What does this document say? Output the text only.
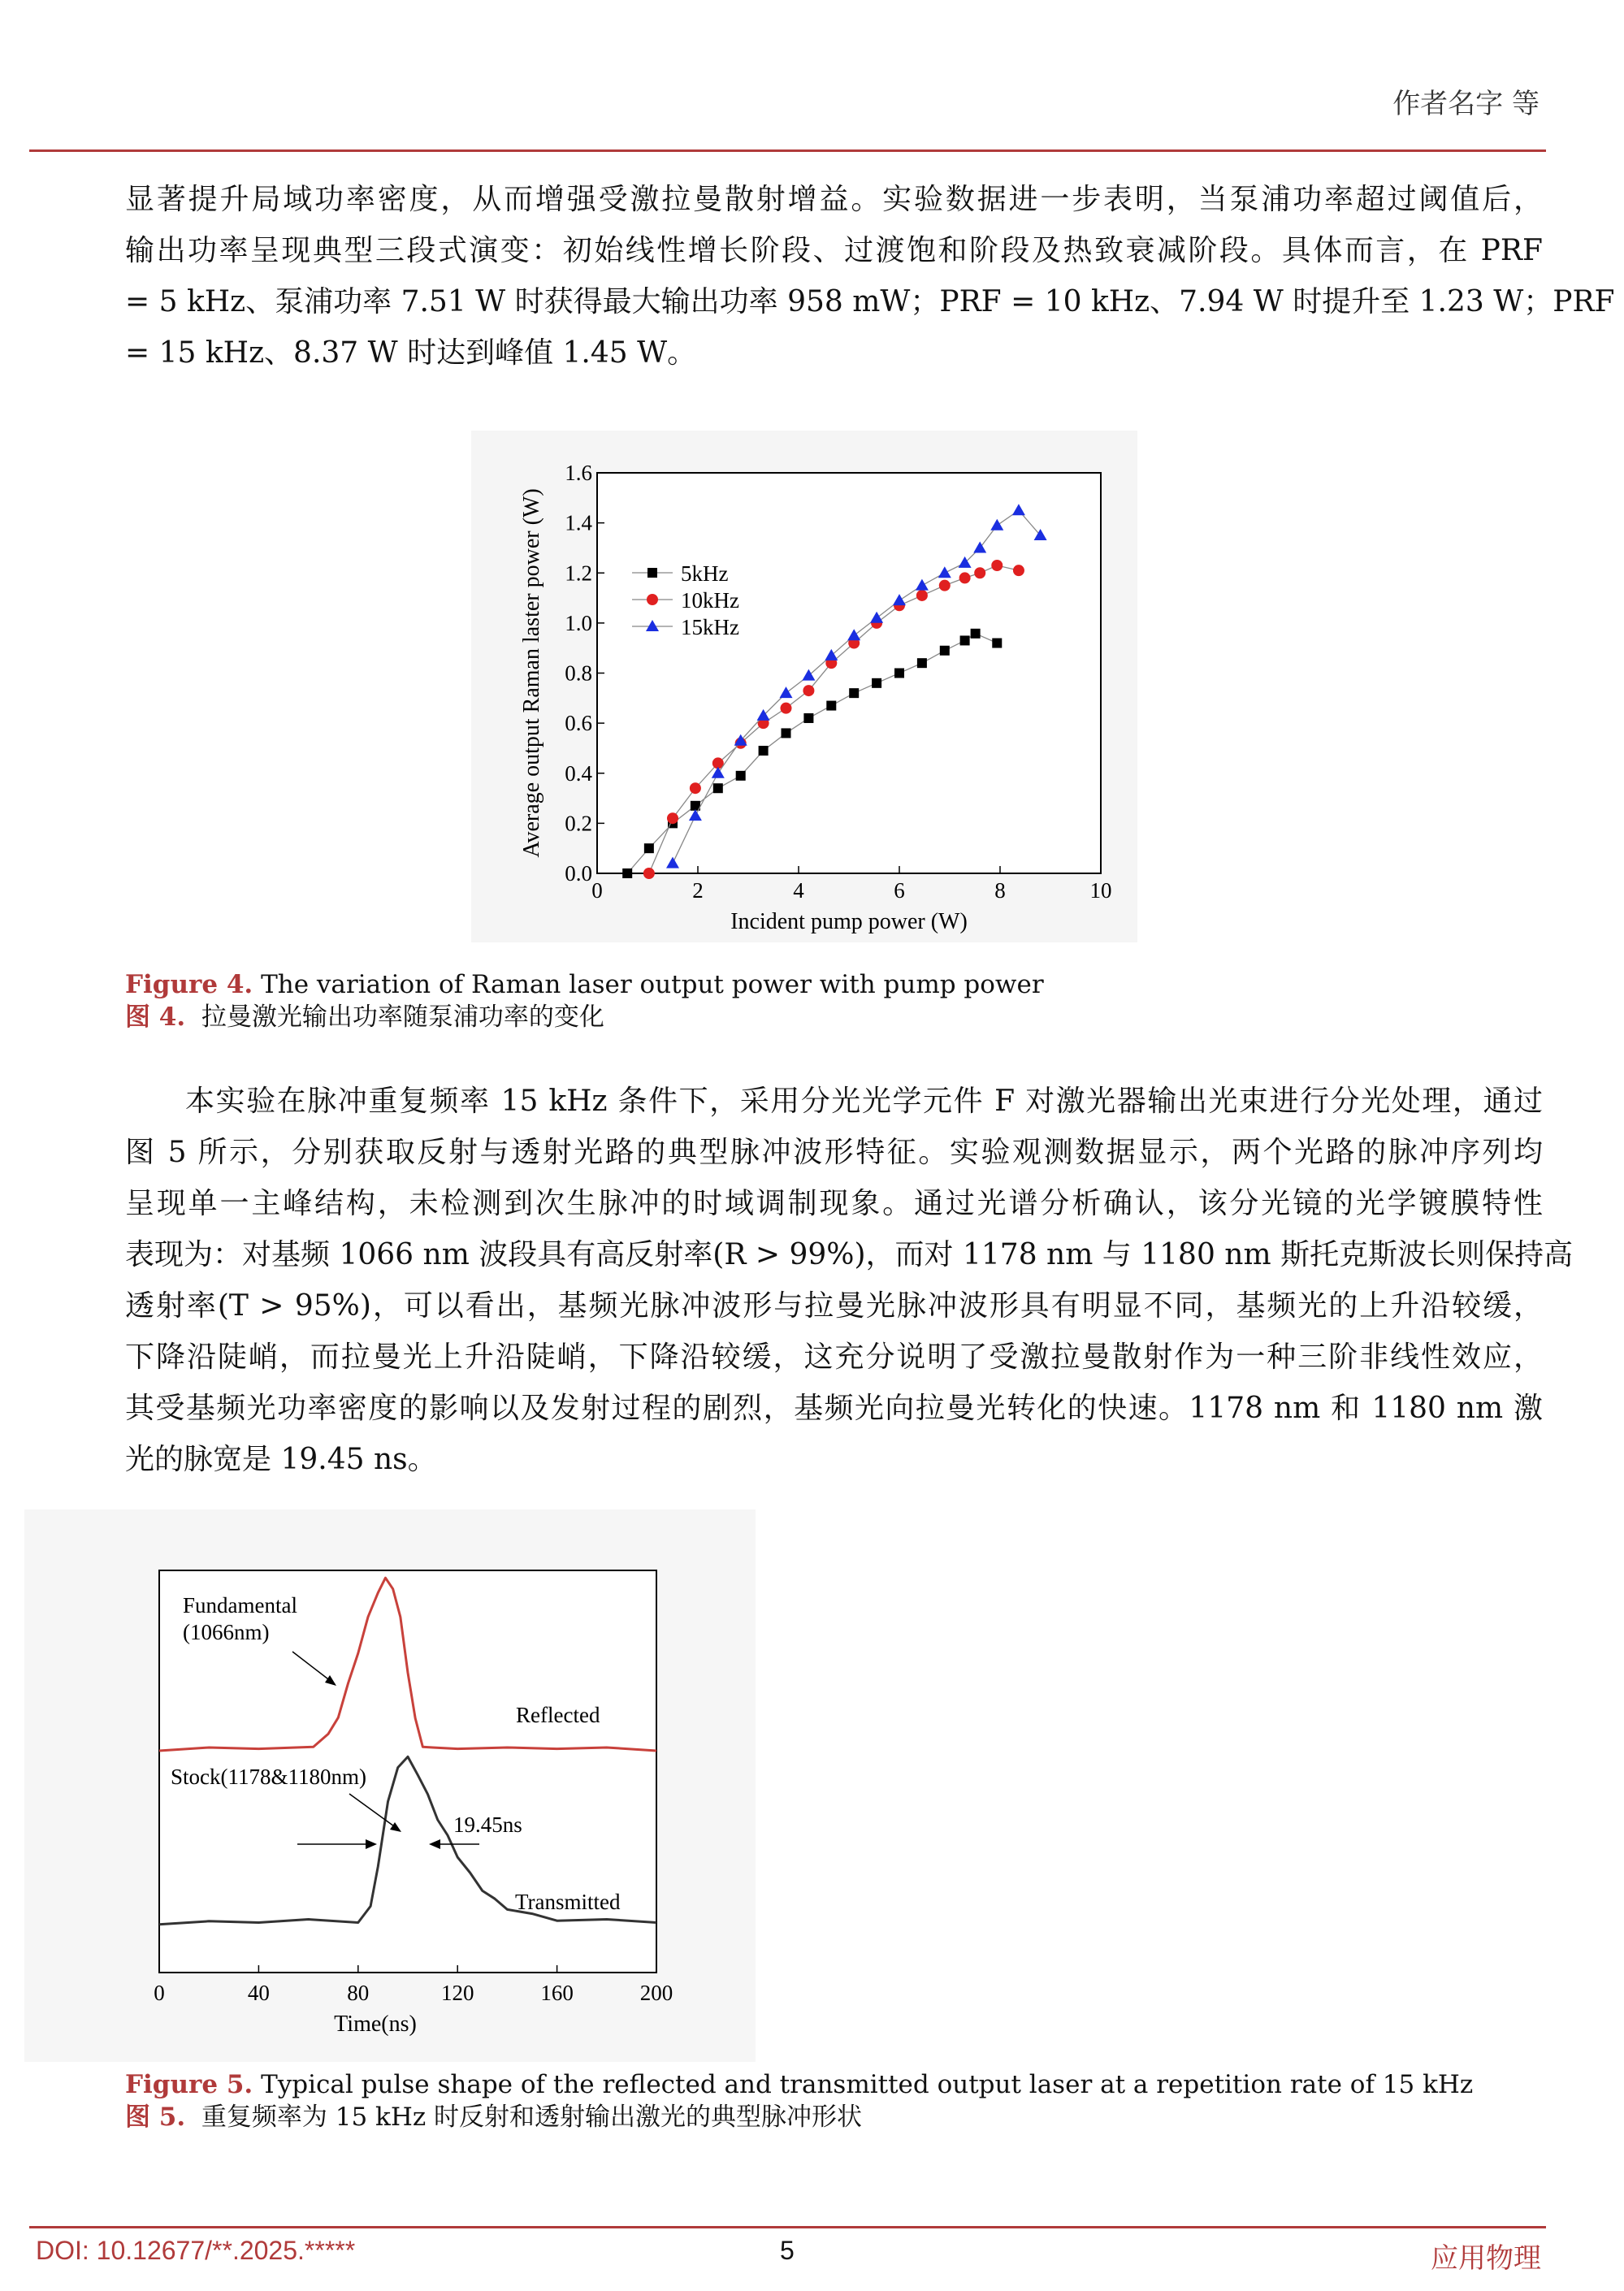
作者名字 等
显著提升局域功率密度，从而增强受激拉曼散射增益。实验数据进一步表明，当泵浦功率超过阈值后，
输出功率呈现典型三段式演变：初始线性增长阶段、过渡饱和阶段及热致衰减阶段。具体而言，在 PRF
= 5 kHz、泵浦功率 7.51 W 时获得最大输出功率 958 mW；PRF = 10 kHz、7.94 W 时提升至 1.23 W；PRF
= 15 kHz、8.37 W 时达到峰值 1.45 W。
0	2	4	6	8	10
0.0
0.2
0.4
0.6
0.8
1.0
1.2
1.4
1.6
Incident pump power (W)
Average output Raman laster power (W)	5kHz
10kHz
15kHz
Figure 4. The variation of Raman laser output power with pump power
图 4. 拉曼激光输出功率随泵浦功率的变化
本实验在脉冲重复频率 15 kHz 条件下，采用分光光学元件 F 对激光器输出光束进行分光处理，通过
图 5 所示，分别获取反射与透射光路的典型脉冲波形特征。实验观测数据显示，两个光路的脉冲序列均
呈现单一主峰结构，未检测到次生脉冲的时域调制现象。通过光谱分析确认，该分光镜的光学镀膜特性
表现为：对基频 1066 nm 波段具有高反射率(R > 99%)，而对 1178 nm 与 1180 nm 斯托克斯波长则保持高
透射率(T > 95%)，可以看出，基频光脉冲波形与拉曼光脉冲波形具有明显不同，基频光的上升沿较缓，
下降沿陡峭，而拉曼光上升沿陡峭，下降沿较缓，这充分说明了受激拉曼散射作为一种三阶非线性效应，
其受基频光功率密度的影响以及发射过程的剧烈，基频光向拉曼光转化的快速。1178 nm 和 1180 nm 激
光的脉宽是 19.45 ns。
0	40	80	120	160	200
Time(ns)
Fundamental
(1066nm)
Reflected
Stock(1178&1180nm)
19.45ns
Transmitted
Figure 5. Typical pulse shape of the reflected and transmitted output laser at a repetition rate of 15 kHz
图 5. 重复频率为 15 kHz 时反射和透射输出激光的典型脉冲形状
DOI: 10.12677/**.2025.*****	5	应用物理
